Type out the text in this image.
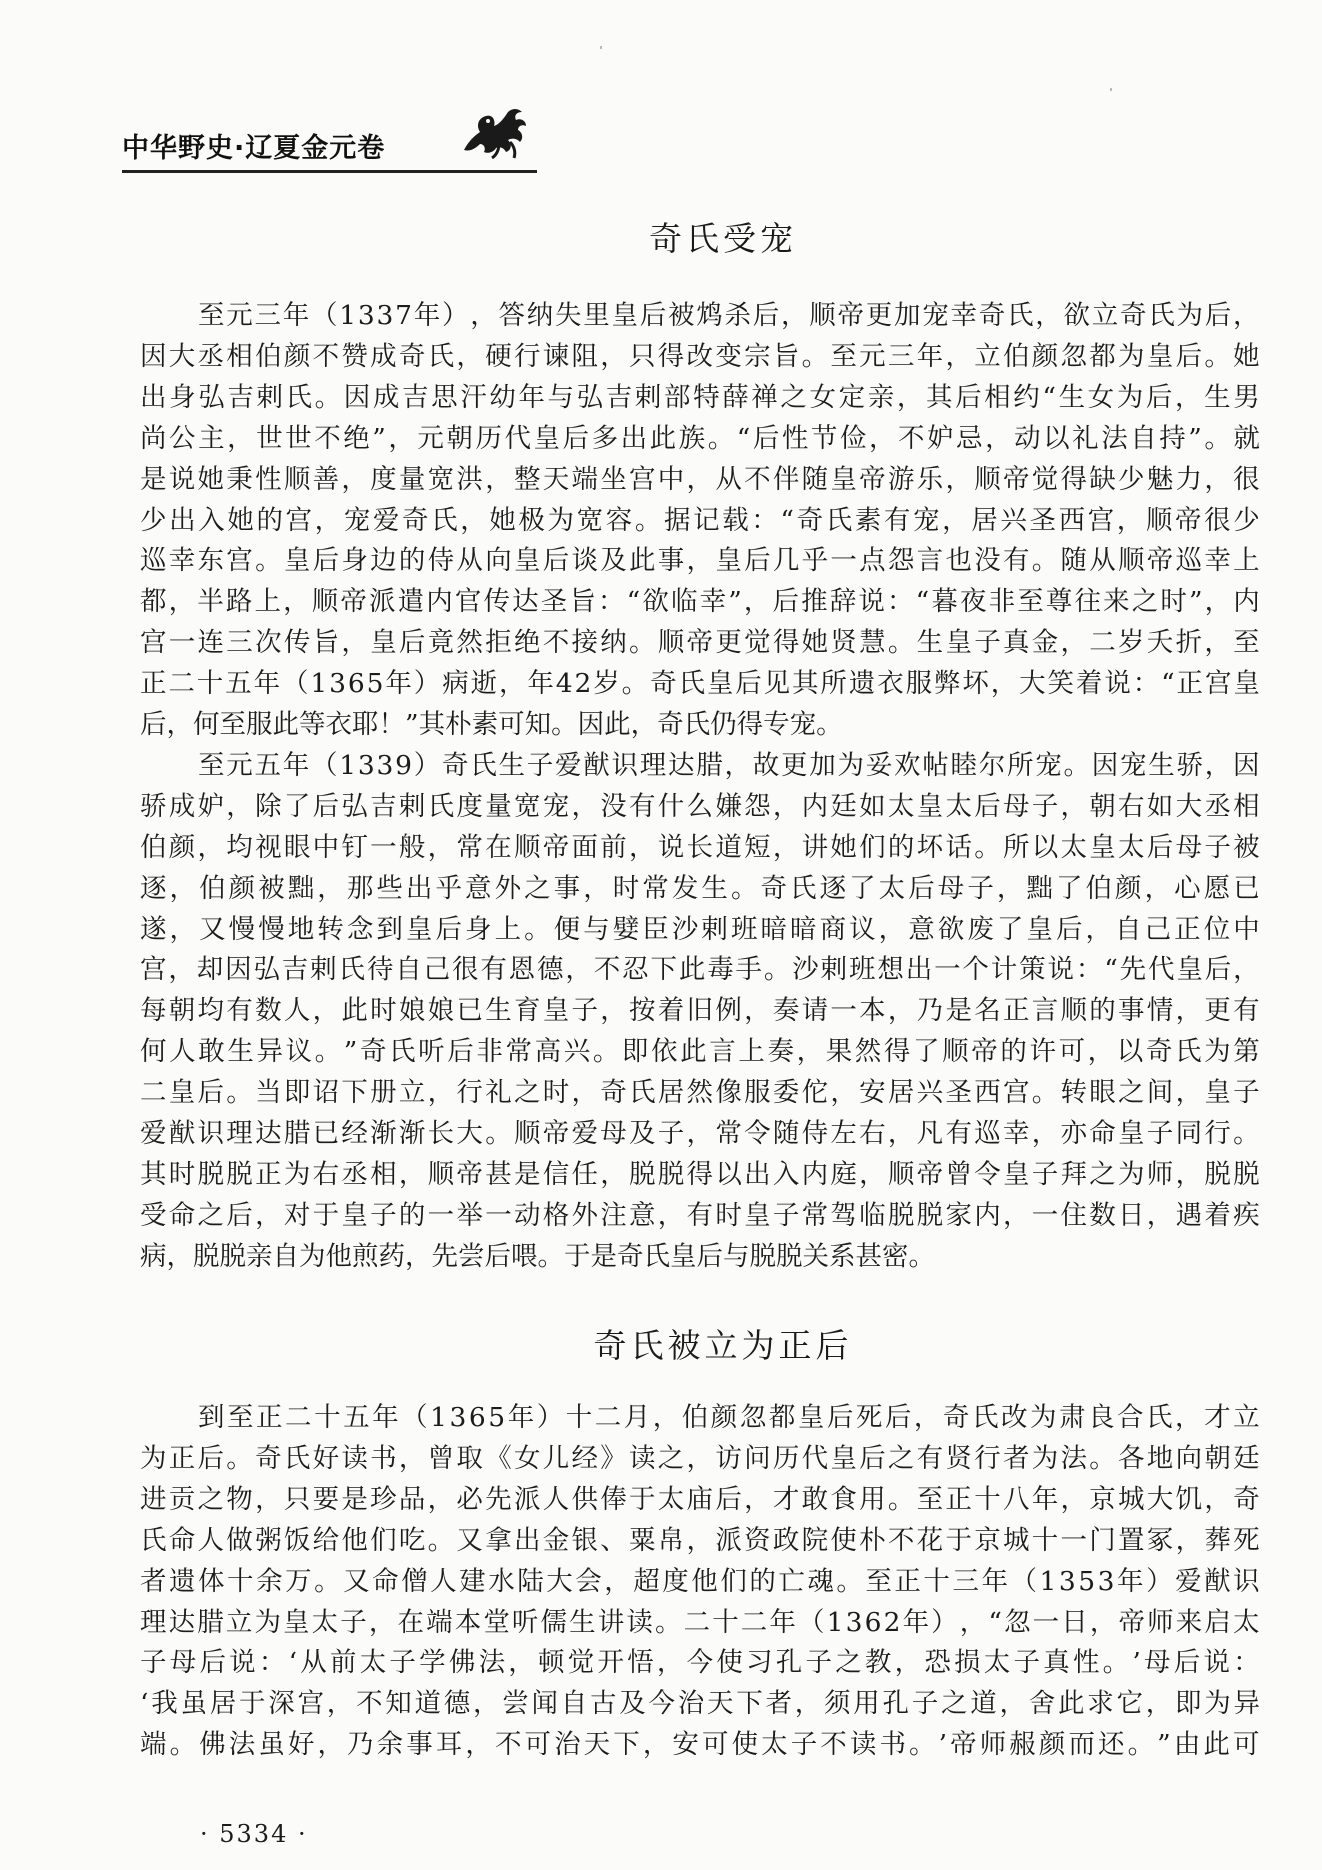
中华野史·辽夏金元卷
奇氏受宠
至 元 三 年 （ 1 3 3 7 年 ） ， 答 纳 失 里 皇 后 被 鸩 杀 后 ， 顺 帝 更 加 宠 幸 奇 氏 ， 欲 立 奇 氏 为 后 ，
因 大 丞 相 伯 颜 不 赞 成 奇 氏 ， 硬 行 谏 阻 ， 只 得 改 变 宗 旨 。 至 元 三 年 ， 立 伯 颜 忽 都 为 皇 后 。 她
出 身 弘 吉 剌 氏 。 因 成 吉 思 汗 幼 年 与 弘 吉 剌 部 特 薛 禅 之 女 定 亲 ， 其 后 相 约 “ 生 女 为 后 ， 生 男
尚 公 主 ， 世 世 不 绝 ” ， 元 朝 历 代 皇 后 多 出 此 族 。 “ 后 性 节 俭 ， 不 妒 忌 ， 动 以 礼 法 自 持 ” 。 就
是 说 她 秉 性 顺 善 ， 度 量 宽 洪 ， 整 天 端 坐 宫 中 ， 从 不 伴 随 皇 帝 游 乐 ， 顺 帝 觉 得 缺 少 魅 力 ， 很
少 出 入 她 的 宫 ， 宠 爱 奇 氏 ， 她 极 为 宽 容 。 据 记 载 ： “ 奇 氏 素 有 宠 ， 居 兴 圣 西 宫 ， 顺 帝 很 少
巡 幸 东 宫 。 皇 后 身 边 的 侍 从 向 皇 后 谈 及 此 事 ， 皇 后 几 乎 一 点 怨 言 也 没 有 。 随 从 顺 帝 巡 幸 上
都 ， 半 路 上 ， 顺 帝 派 遣 内 官 传 达 圣 旨 ： “ 欲 临 幸 ” ， 后 推 辞 说 ： “ 暮 夜 非 至 尊 往 来 之 时 ” ， 内
宫 一 连 三 次 传 旨 ， 皇 后 竟 然 拒 绝 不 接 纳 。 顺 帝 更 觉 得 她 贤 慧 。 生 皇 子 真 金 ， 二 岁 夭 折 ， 至
正 二 十 五 年 （ 1 3 6 5 年 ） 病 逝 ， 年 4 2 岁 。 奇 氏 皇 后 见 其 所 遗 衣 服 弊 坏 ， 大 笑 着 说 ： “ 正 宫 皇
后 ， 何 至 服 此 等 衣 耶 ！ ” 其 朴 素 可 知 。 因 此 ， 奇 氏 仍 得 专 宠 。
至 元 五 年 （ 1 3 3 9 ） 奇 氏 生 子 爱 猷 识 理 达 腊 ， 故 更 加 为 妥 欢 帖 睦 尔 所 宠 。 因 宠 生 骄 ， 因
骄 成 妒 ， 除 了 后 弘 吉 剌 氏 度 量 宽 宠 ， 没 有 什 么 嫌 怨 ， 内 廷 如 太 皇 太 后 母 子 ， 朝 右 如 大 丞 相
伯 颜 ， 均 视 眼 中 钉 一 般 ， 常 在 顺 帝 面 前 ， 说 长 道 短 ， 讲 她 们 的 坏 话 。 所 以 太 皇 太 后 母 子 被
逐 ， 伯 颜 被 黜 ， 那 些 出 乎 意 外 之 事 ， 时 常 发 生 。 奇 氏 逐 了 太 后 母 子 ， 黜 了 伯 颜 ， 心 愿 已
遂 ， 又 慢 慢 地 转 念 到 皇 后 身 上 。 便 与 嬖 臣 沙 剌 班 暗 暗 商 议 ， 意 欲 废 了 皇 后 ， 自 己 正 位 中
宫 ， 却 因 弘 吉 剌 氏 待 自 己 很 有 恩 德 ， 不 忍 下 此 毒 手 。 沙 剌 班 想 出 一 个 计 策 说 ： “ 先 代 皇 后 ，
每 朝 均 有 数 人 ， 此 时 娘 娘 已 生 育 皇 子 ， 按 着 旧 例 ， 奏 请 一 本 ， 乃 是 名 正 言 顺 的 事 情 ， 更 有
何 人 敢 生 异 议 。 ” 奇 氏 听 后 非 常 高 兴 。 即 依 此 言 上 奏 ， 果 然 得 了 顺 帝 的 许 可 ， 以 奇 氏 为 第
二 皇 后 。 当 即 诏 下 册 立 ， 行 礼 之 时 ， 奇 氏 居 然 像 服 委 佗 ， 安 居 兴 圣 西 宫 。 转 眼 之 间 ， 皇 子
爱 猷 识 理 达 腊 已 经 渐 渐 长 大 。 顺 帝 爱 母 及 子 ， 常 令 随 侍 左 右 ， 凡 有 巡 幸 ， 亦 命 皇 子 同 行 。
其 时 脱 脱 正 为 右 丞 相 ， 顺 帝 甚 是 信 任 ， 脱 脱 得 以 出 入 内 庭 ， 顺 帝 曾 令 皇 子 拜 之 为 师 ， 脱 脱
受 命 之 后 ， 对 于 皇 子 的 一 举 一 动 格 外 注 意 ， 有 时 皇 子 常 驾 临 脱 脱 家 内 ， 一 住 数 日 ， 遇 着 疾
病 ， 脱 脱 亲 自 为 他 煎 药 ， 先 尝 后 喂 。 于 是 奇 氏 皇 后 与 脱 脱 关 系 甚 密 。
奇氏被立为正后
到 至 正 二 十 五 年 （ 1 3 6 5 年 ） 十 二 月 ， 伯 颜 忽 都 皇 后 死 后 ， 奇 氏 改 为 肃 良 合 氏 ， 才 立
为 正 后 。 奇 氏 好 读 书 ， 曾 取 《 女 儿 经 》 读 之 ， 访 问 历 代 皇 后 之 有 贤 行 者 为 法 。 各 地 向 朝 廷
进 贡 之 物 ， 只 要 是 珍 品 ， 必 先 派 人 供 俸 于 太 庙 后 ， 才 敢 食 用 。 至 正 十 八 年 ， 京 城 大 饥 ， 奇
氏 命 人 做 粥 饭 给 他 们 吃 。 又 拿 出 金 银 、 粟 帛 ， 派 资 政 院 使 朴 不 花 于 京 城 十 一 门 置 冢 ， 葬 死
者 遗 体 十 余 万 。 又 命 僧 人 建 水 陆 大 会 ， 超 度 他 们 的 亡 魂 。 至 正 十 三 年 （ 1 3 5 3 年 ） 爱 猷 识
理 达 腊 立 为 皇 太 子 ， 在 端 本 堂 听 儒 生 讲 读 。 二 十 二 年 （ 1 3 6 2 年 ） ， “ 忽 一 日 ， 帝 师 来 启 太
子 母 后 说 ： ‘ 从 前 太 子 学 佛 法 ， 顿 觉 开 悟 ， 今 使 习 孔 子 之 教 ， 恐 损 太 子 真 性 。 ’ 母 后 说 ：
‘ 我 虽 居 于 深 宫 ， 不 知 道 德 ， 尝 闻 自 古 及 今 治 天 下 者 ， 须 用 孔 子 之 道 ， 舍 此 求 它 ， 即 为 异
端 。 佛 法 虽 好 ， 乃 余 事 耳 ， 不 可 治 天 下 ， 安 可 使 太 子 不 读 书 。 ’ 帝 师 赧 颜 而 还 。 ” 由 此 可
· 5334 ·
